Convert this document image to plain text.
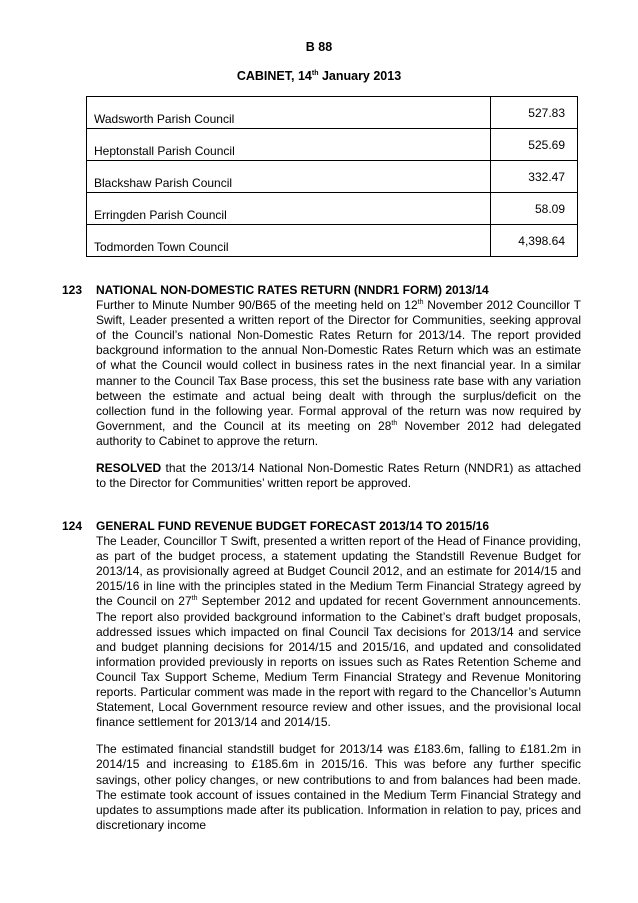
B 88
CABINET, 14th January 2013
Wadsworth Parish Council	527.83

Heptonstall Parish Council	525.69

Blackshaw Parish Council	332.47

Erringden Parish Council	58.09

Todmorden Town Council	4,398.64
123 NATIONAL NON-DOMESTIC RATES RETURN (NNDR1 FORM) 2013/14

Further to Minute Number 90/B65 of the meeting held on 12th November 2012 Councillor T Swift, Leader presented a written report of the Director for Communities, seeking approval of the Council’s national Non-Domestic Rates Return for 2013/14. The report provided background information to the annual Non-Domestic Rates Return which was an estimate of what the Council would collect in business rates in the next financial year. In a similar manner to the Council Tax Base process, this set the business rate base with any variation between the estimate and actual being dealt with through the surplus/deficit on the collection fund in the following year. Formal approval of the return was now required by Government, and the Council at its meeting on 28th November 2012 had delegated authority to Cabinet to approve the return.

RESOLVED that the 2013/14 National Non-Domestic Rates Return (NNDR1) as attached to the Director for Communities’ written report be approved.

124 GENERAL FUND REVENUE BUDGET FORECAST 2013/14 TO 2015/16

The Leader, Councillor T Swift, presented a written report of the Head of Finance providing, as part of the budget process, a statement updating the Standstill Revenue Budget for 2013/14, as provisionally agreed at Budget Council 2012, and an estimate for 2014/15 and 2015/16 in line with the principles stated in the Medium Term Financial Strategy agreed by the Council on 27th September 2012 and updated for recent Government announcements. The report also provided background information to the Cabinet’s draft budget proposals, addressed issues which impacted on final Council Tax decisions for 2013/14 and service and budget planning decisions for 2014/15 and 2015/16, and updated and consolidated information provided previously in reports on issues such as Rates Retention Scheme and Council Tax Support Scheme, Medium Term Financial Strategy and Revenue Monitoring reports. Particular comment was made in the report with regard to the Chancellor’s Autumn Statement, Local Government resource review and other issues, and the provisional local finance settlement for 2013/14 and 2014/15.

The estimated financial standstill budget for 2013/14 was £183.6m, falling to £181.2m in 2014/15 and increasing to £185.6m in 2015/16. This was before any further specific savings, other policy changes, or new contributions to and from balances had been made. The estimate took account of issues contained in the Medium Term Financial Strategy and updates to assumptions made after its publication. Information in relation to pay, prices and discretionary income
